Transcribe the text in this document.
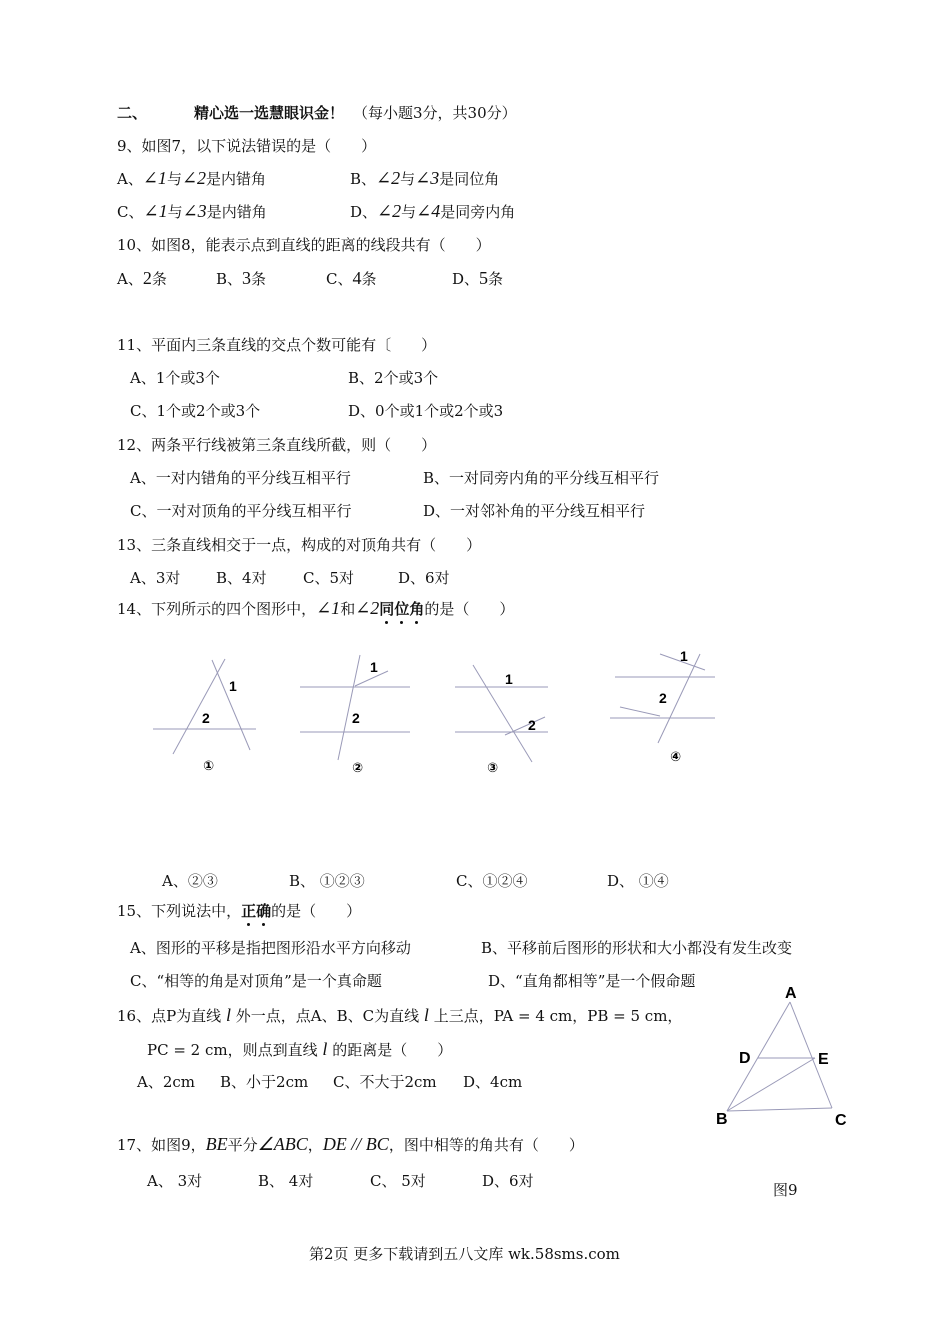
二、	精心选一选慧眼识金！ （每小题3分，共30分）
9、如图7，以下说法错误的是（　　）
A、∠1与∠2是内错角	B、∠2与∠3是同位角
C、∠1与∠3是内错角	D、∠2与∠4是同旁内角
10、如图8，能表示点到直线的距离的线段共有（　　）
A、2条	B、3条	C、4条	D、5条
11、平面内三条直线的交点个数可能有〔　　）
A、1个或3个	B、2个或3个
C、1个或2个或3个	D、0个或1个或2个或3
12、两条平行线被第三条直线所截，则（　　）
A、一对内错角的平分线互相平行	B、一对同旁内角的平分线互相平行
C、一对对顶角的平分线互相平行	D、一对邻补角的平分线互相平行
13、三条直线相交于一点，构成的对顶角共有（　　）
A、3对 B、4对 C、5对	D、6对
14、下列所示的四个图形中，∠1和∠2同位角的是（　　）
1
2
1
2
1
2
1
2
①	②	③
④
A、②③	B、 ①②③	C、①②④	D、 ①④
15、下列说法中，正确的是（　　）
A、图形的平移是指把图形沿水平方向移动	B、平移前后图形的形状和大小都没有发生改变
C、“相等的角是对顶角”是一个真命题	D、“直角都相等”是一个假命题
16、点P为直线 l 外一点，点A、B、C为直线 l 上三点，PA = 4 cm，PB = 5 cm，
PC = 2 cm，则点到直线 l 的距离是（　　）
A、2cm B、小于2cm C、不大于2cm D、4cm
17、如图9，BE平分∠ABC，DE // BC，图中相等的角共有（　　）
A、 3对	B、 4对	C、 5对	D、6对
A
D	E
B	C
图9
第2页 更多下载请到五八文库 wk.58sms.com
